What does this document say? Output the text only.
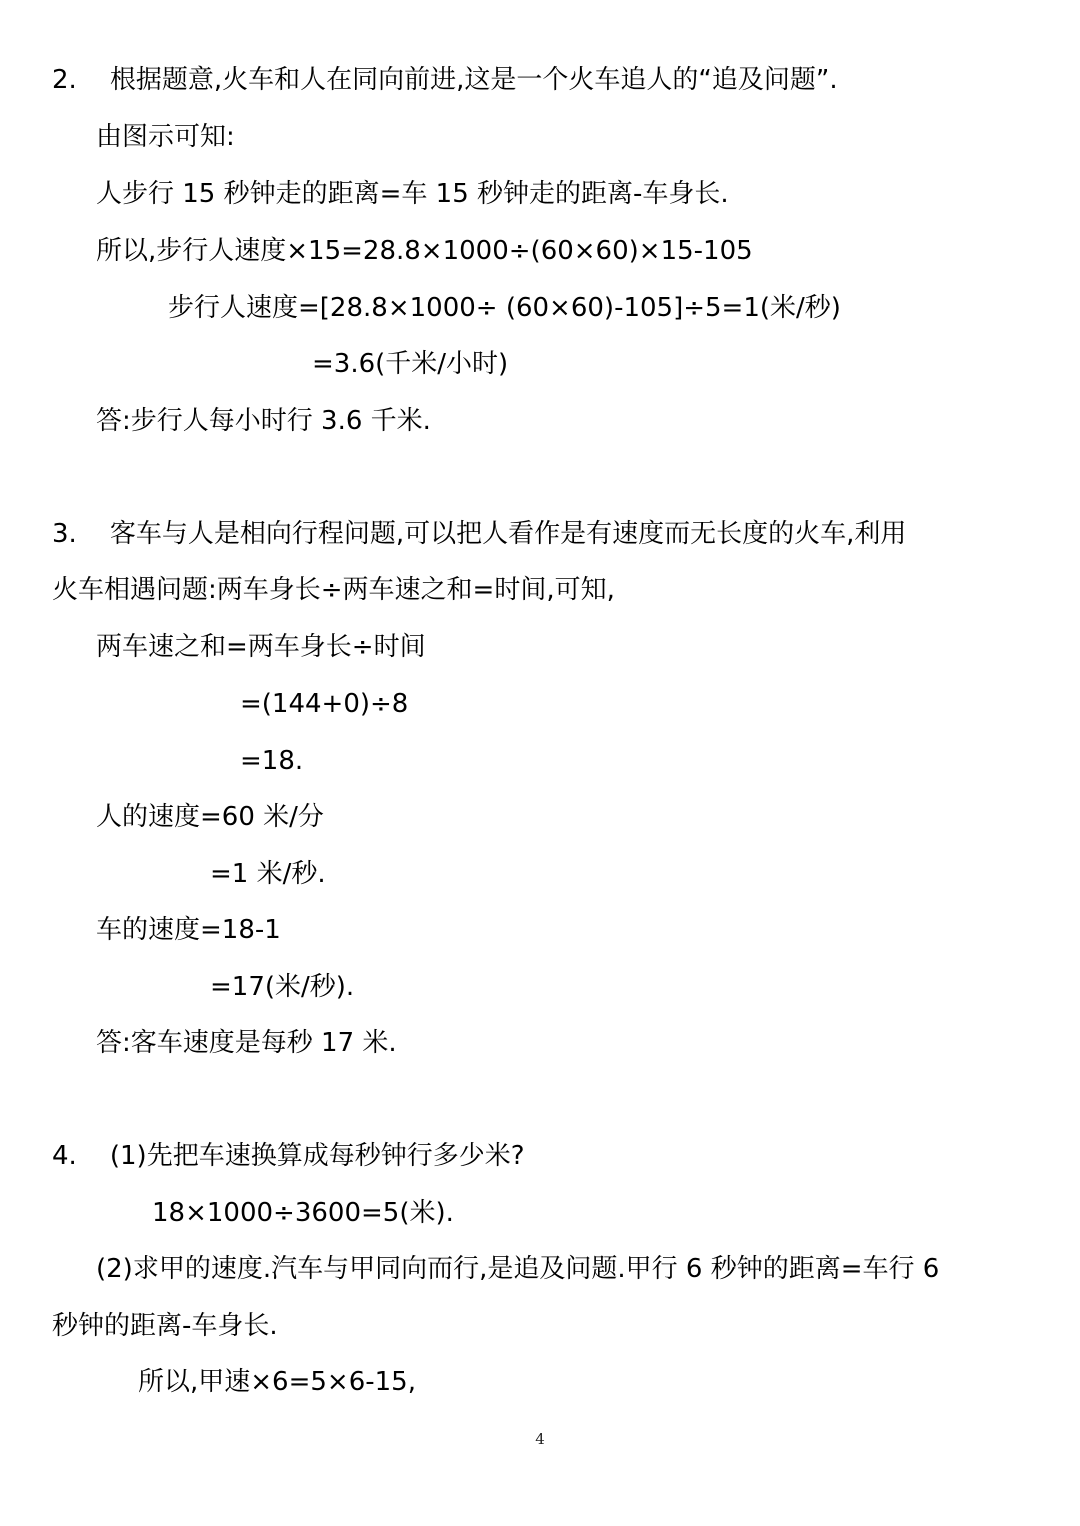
2.    根据题意,火车和人在同向前进,这是一个火车追人的“追及问题”.

由图示可知:

人步行 15 秒钟走的距离=车 15 秒钟走的距离-车身长.

所以,步行人速度×15=28.8×1000÷(60×60)×15-105

步行人速度=[28.8×1000÷ (60×60)-105]÷5=1(米/秒)

=3.6(千米/小时)

答:步行人每小时行 3.6 千米.

3.    客车与人是相向行程问题,可以把人看作是有速度而无长度的火车,利用

火车相遇问题:两车身长÷两车速之和=时间,可知,

两车速之和=两车身长÷时间

=(144+0)÷8

=18.

人的速度=60 米/分

=1 米/秒.

车的速度=18-1

=17(米/秒).

答:客车速度是每秒 17 米.

4.    (1)先把车速换算成每秒钟行多少米?

18×1000÷3600=5(米).

(2)求甲的速度.汽车与甲同向而行,是追及问题.甲行 6 秒钟的距离=车行 6

秒钟的距离-车身长.

所以,甲速×6=5×6-15,

4
